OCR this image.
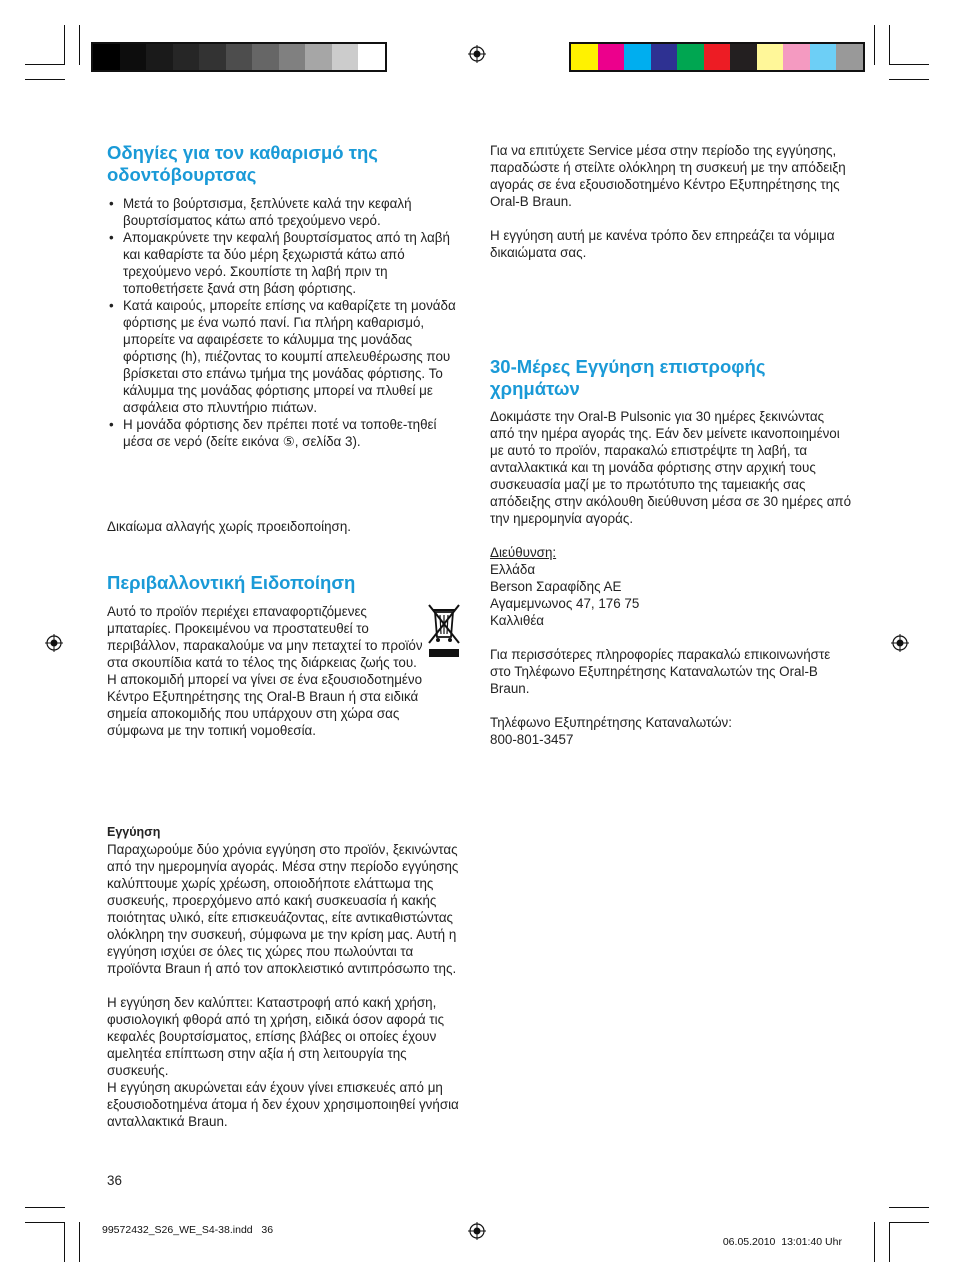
Οδηγίες για τον καθαρισμό της οδοντόβουρτσας
• Μετά το βούρτσισμα, ξεπλύνετε καλά την κεφαλή βουρτσίσματος κάτω από τρεχούμενο νερό.
• Απομακρύνετε την κεφαλή βουρτσίσματος από τη λαβή και καθαρίστε τα δύο μέρη ξεχωριστά κάτω από τρεχούμενο νερό. Σκουπίστε τη λαβή πριν τη τοποθετήσετε ξανά στη βάση φόρτισης.
• Κατά καιρούς, μπορείτε επίσης να καθαρίζετε τη μονάδα φόρτισης με ένα νωπό πανί. Για πλήρη καθαρισμό, μπορείτε να αφαιρέσετε το κάλυμμα της μονάδας φόρτισης (h), πιέζοντας το κουμπί απελευθέρωσης που βρίσκεται στο επάνω τμήμα της μονάδας φόρτισης. Το κάλυμμα της μονάδας φόρτισης μπορεί να πλυθεί με ασφάλεια στο πλυντήριο πιάτων.
• Η μονάδα φόρτισης δεν πρέπει ποτέ να τοποθε-τηθεί μέσα σε νερό (δείτε εικόνα ⑤, σελίδα 3).

Δικαίωμα αλλαγής χωρίς προειδοποίηση.

Περιβαλλοντική Ειδοποίηση

Αυτό το προϊόν περιέχει επαναφορτιζόμενες μπαταρίες. Προκειμένου να προστατευθεί το περιβάλλον, παρακαλούμε να μην πεταχτεί το προϊόν στα σκουπίδια κατά το τέλος της διάρκειας ζωής του. Η αποκομιδή μπορεί να γίνει σε ένα εξουσιοδοτημένο Κέντρο Εξυπηρέτησης της Oral-B Braun ή στα ειδικά σημεία αποκομιδής που υπάρχουν στη χώρα σας σύμφωνα με την τοπική νομοθεσία.

Εγγύηση

Παραχωρούμε δύο χρόνια εγγύηση στο προϊόν, ξεκινώντας από την ημερομηνία αγοράς. Μέσα στην περίοδο εγγύησης καλύπτουμε χωρίς χρέωση, οποιοδήποτε ελάττωμα της συσκευής, προερχόμενο από κακή συσκευασία ή κακής ποιότητας υλικό, είτε επισκευάζοντας, είτε αντικαθιστώντας ολόκληρη την συσκευή, σύμφωνα με την κρίση μας. Αυτή η εγγύηση ισχύει σε όλες τις χώρες που πωλούνται τα προϊόντα Braun ή από τον αποκλειστικό αντιπρόσωπο της.

Η εγγύηση δεν καλύπτει: Καταστροφή από κακή χρήση, φυσιολογική φθορά από τη χρήση, ειδικά όσον αφορά τις κεφαλές βουρτσίσματος, επίσης βλάβες οι οποίες έχουν αμελητέα επίπτωση στην αξία ή στη λειτουργία της συσκευής.

Η εγγύηση ακυρώνεται εάν έχουν γίνει επισκευές από μη εξουσιοδοτημένα άτομα ή δεν έχουν χρησιμοποιηθεί γνήσια ανταλλακτικά Braun.

36

Για να επιτύχετε Service μέσα στην περίοδο της εγγύησης, παραδώστε ή στείλτε ολόκληρη τη συσκευή με την απόδειξη αγοράς σε ένα εξουσιοδοτημένο Κέντρο Εξυπηρέτησης της Oral-B Braun.

Η εγγύηση αυτή με κανένα τρόπο δεν επηρεάζει τα νόμιμα δικαιώματα σας.

30-Μέρες Εγγύηση επιστροφής χρημάτων

Δοκιμάστε την Oral-B Pulsonic για 30 ημέρες ξεκινώντας από την ημέρα αγοράς της. Εάν δεν μείνετε ικανοποιημένοι με αυτό το προϊόν, παρακαλώ επιστρέψτε τη λαβή, τα ανταλλακτικά και τη μονάδα φόρτισης στην αρχική τους συσκευασία μαζί με το πρωτότυπο της ταμειακής σας απόδειξης στην ακόλουθη διεύθυνση μέσα σε 30 ημέρες από την ημερομηνία αγοράς.

Διεύθυνση:

Ελλάδα

Berson Σαραφίδης ΑΕ

Αγαμεμνωνος 47, 176 75

Καλλιθέα

Για περισσότερες πληροφορίες παρακαλώ επικοινωνήστε στο Τηλέφωνο Εξυπηρέτησης Καταναλωτών της Oral-B Braun.

Τηλέφωνο Εξυπηρέτησης Καταναλωτών:

800-801-3457

99572432_S26_WE_S4-38.indd   36

06.05.2010 13:01:40 Uhr
